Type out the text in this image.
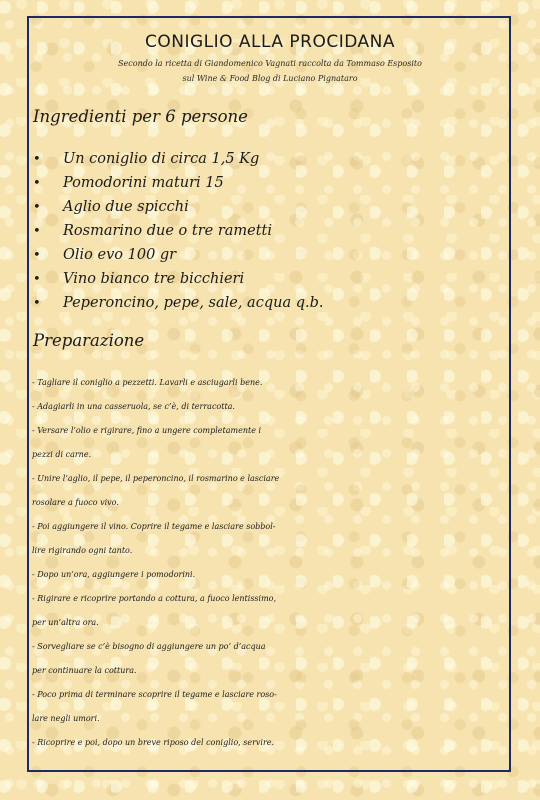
CONIGLIO ALLA PROCIDANA
Secondo la ricetta di Giandomenico Vagnati raccolta da Tommaso Esposito
sul Wine & Food Blog di Luciano Pignataro
Ingredienti per 6 persone
• Un coniglio di circa 1,5 Kg
• Pomodorini maturi 15
• Aglio due spicchi
• Rosmarino due o tre rametti
• Olio evo 100 gr
• Vino bianco tre bicchieri
• Peperoncino, pepe, sale, acqua q.b.
Preparazione
- Tagliare il coniglio a pezzetti. Lavarli e asciugarli bene.
- Adagiarli in una casseruola, se c’è, di terracotta.
- Versare l’olio e rigirare, fino a ungere completamente i
pezzi di carne.
- Unire l’aglio, il pepe, il peperoncino, il rosmarino e lasciare
rosolare a fuoco vivo.
- Poi aggiungere il vino. Coprire il tegame e lasciare sobbol-
lire rigirando ogni tanto.
- Dopo un’ora, aggiungere i pomodorini.
- Rigirare e ricoprire portando a cottura, a fuoco lentissimo,
per un’altra ora.
- Sorvegliare se c’è bisogno di aggiungere un po’ d’acqua
per continuare la cottura.
- Poco prima di terminare scoprire il tegame e lasciare roso-
lare negli umori.
- Ricoprire e poi, dopo un breve riposo del coniglio, servire.
